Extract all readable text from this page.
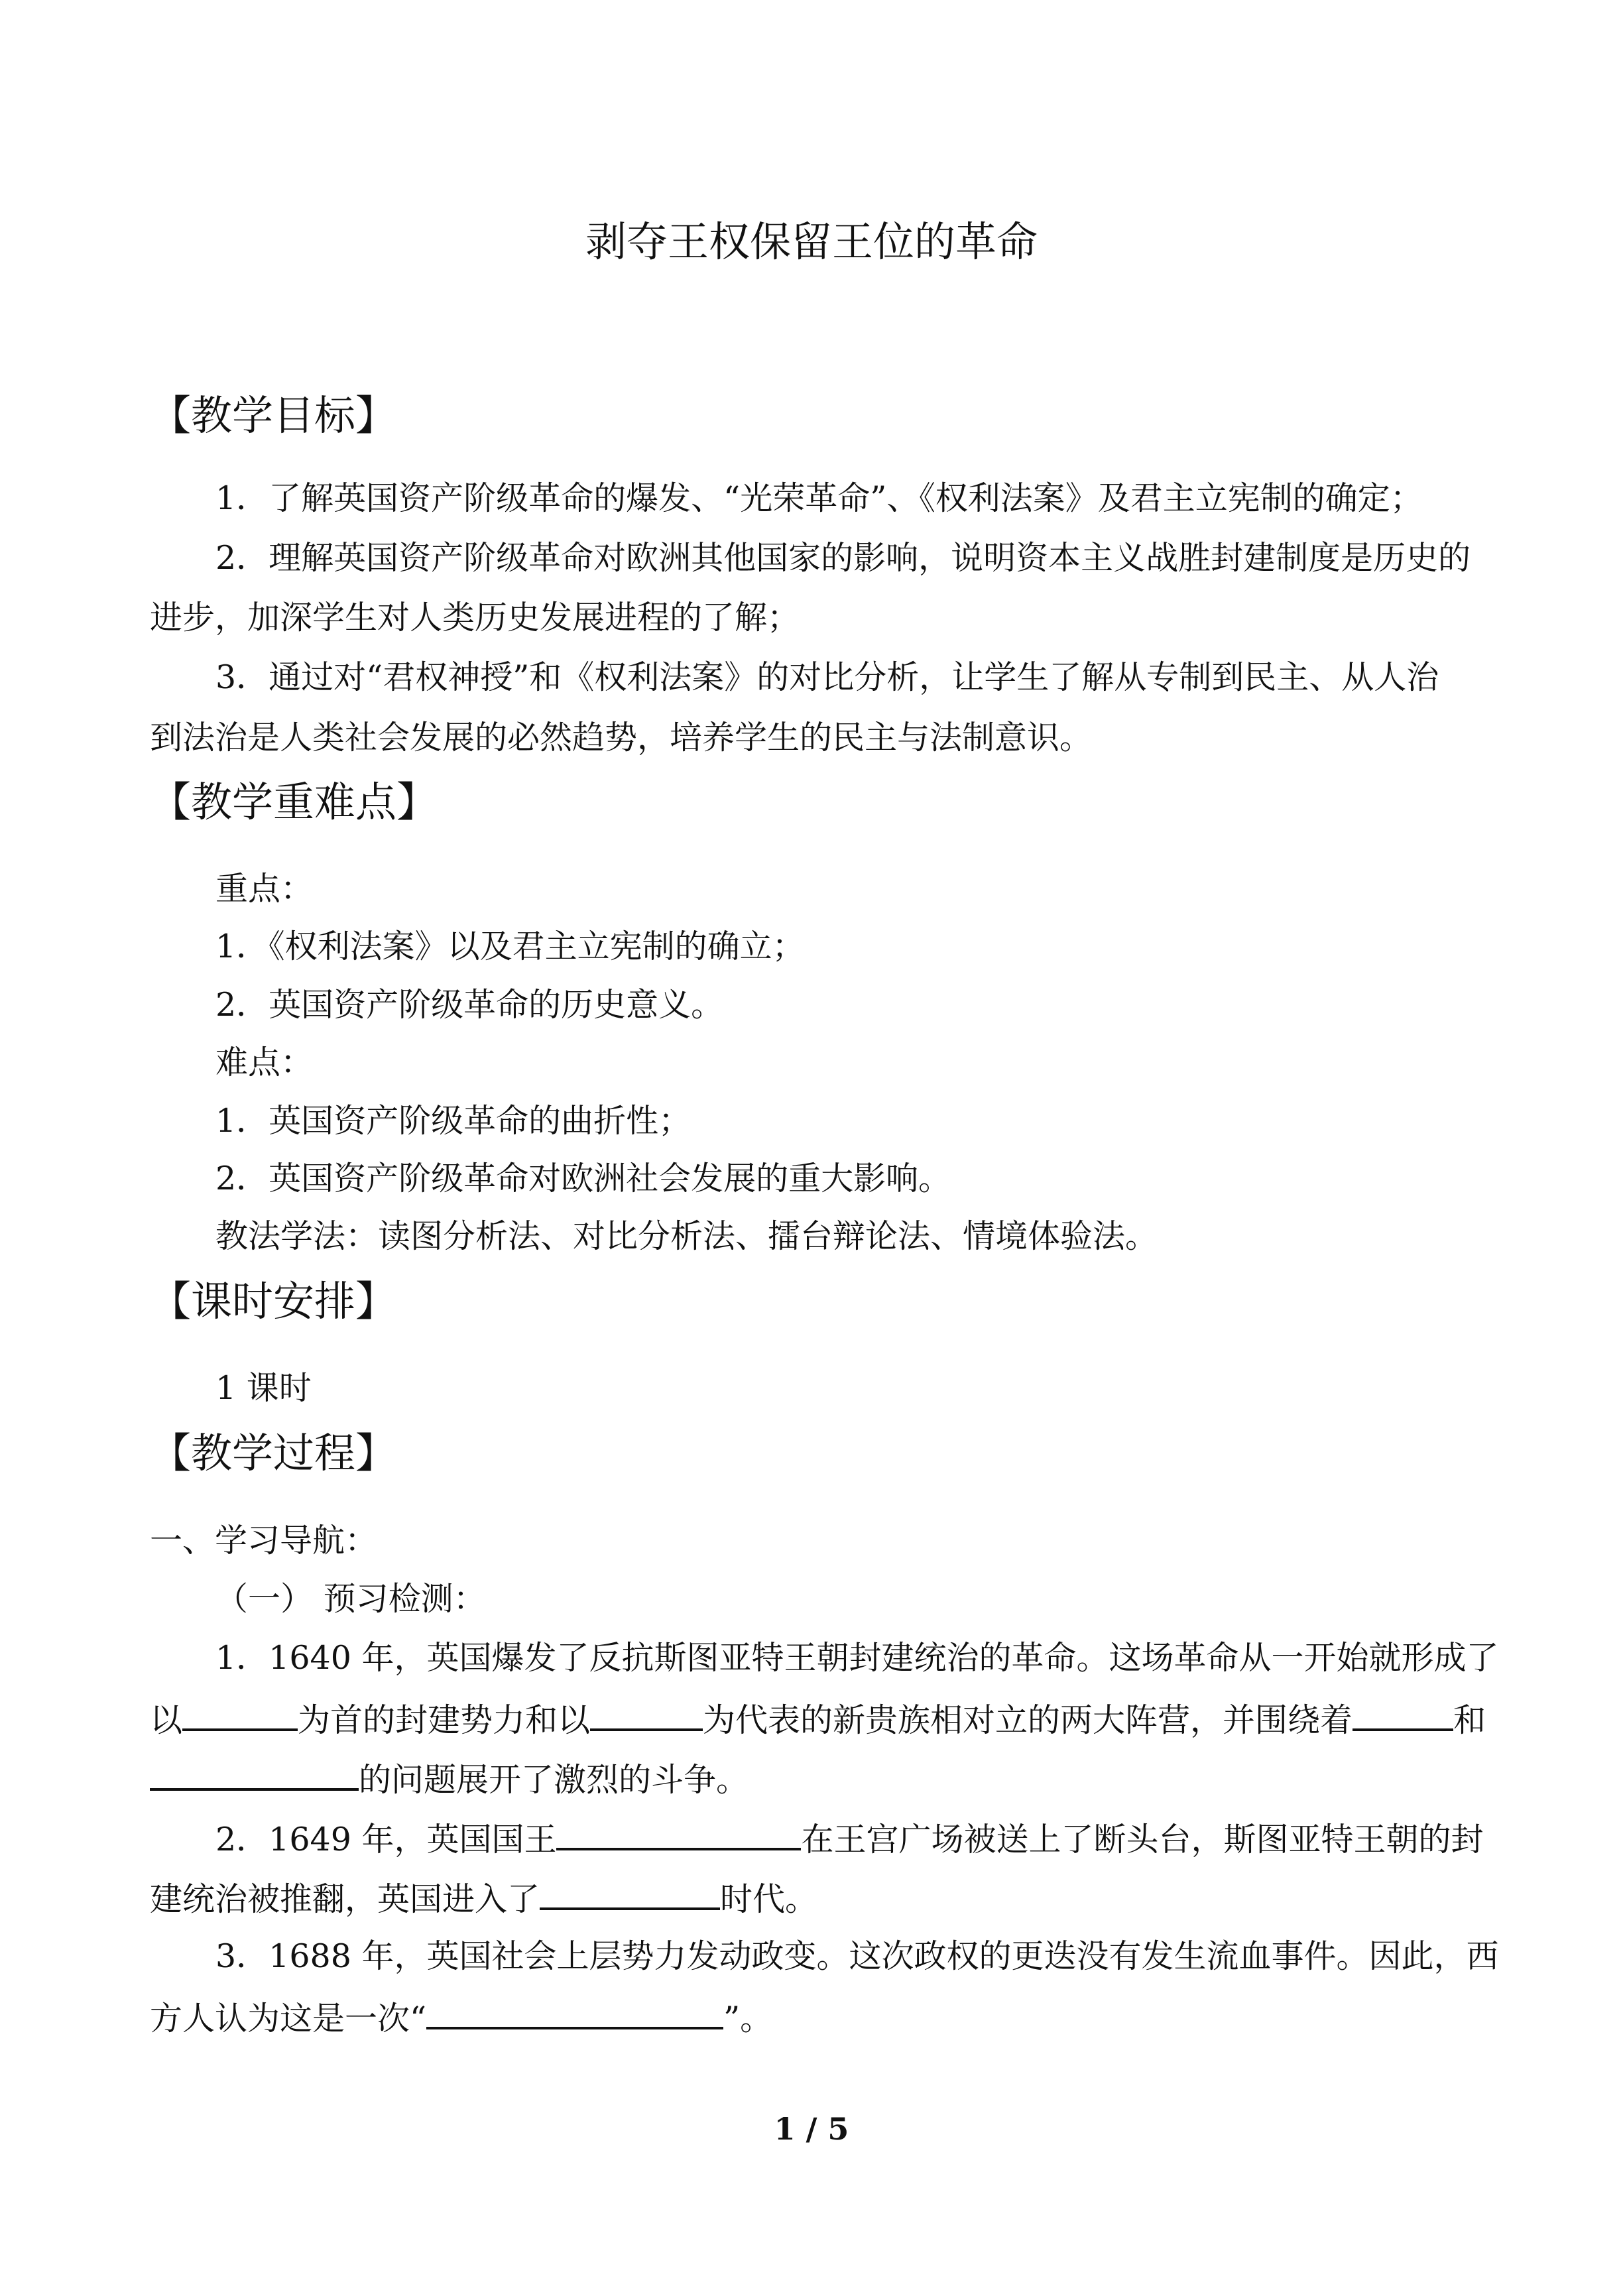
剥夺王权保留王位的革命
【教学目标】
1．了解英国资产阶级革命的爆发、“光荣革命”、《权利法案》及君主立宪制的确定；
2．理解英国资产阶级革命对欧洲其他国家的影响，说明资本主义战胜封建制度是历史的
进步，加深学生对人类历史发展进程的了解；
3．通过对“君权神授”和《权利法案》的对比分析，让学生了解从专制到民主、从人治
到法治是人类社会发展的必然趋势，培养学生的民主与法制意识。
【教学重难点】
重点：
1．《权利法案》以及君主立宪制的确立；
2．英国资产阶级革命的历史意义。
难点：
1．英国资产阶级革命的曲折性；
2．英国资产阶级革命对欧洲社会发展的重大影响。
教法学法：读图分析法、对比分析法、擂台辩论法、情境体验法。
【课时安排】
1 课时
【教学过程】
一、学习导航：
（一） 预习检测：
1．1640 年，英国爆发了反抗斯图亚特王朝封建统治的革命。这场革命从一开始就形成了
以	为首的封建势力和以	为代表的新贵族相对立的两大阵营，并围绕着	和
的问题展开了激烈的斗争。
2．1649 年，英国国王	在王宫广场被送上了断头台，斯图亚特王朝的封
建统治被推翻，英国进入了	时代。
3．1688 年，英国社会上层势力发动政变。这次政权的更迭没有发生流血事件。因此，西
方人认为这是一次“	”。
1 / 5
